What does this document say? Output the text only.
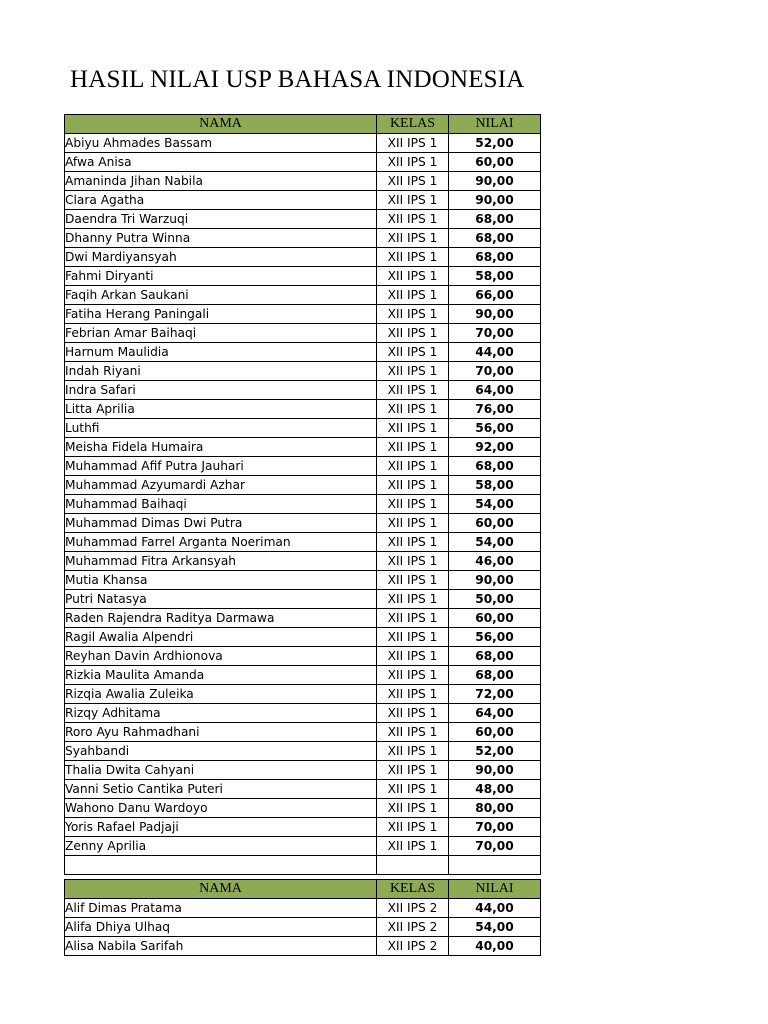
HASIL NILAI USP BAHASA INDONESIA
NAMA	KELAS	NILAI
Abiyu Ahmades Bassam	XII IPS 1	52,00
Afwa Anisa	XII IPS 1	60,00
Amaninda Jihan Nabila	XII IPS 1	90,00
Clara Agatha	XII IPS 1	90,00
Daendra Tri Warzuqi	XII IPS 1	68,00
Dhanny Putra Winna	XII IPS 1	68,00
Dwi Mardiyansyah	XII IPS 1	68,00
Fahmi Diryanti	XII IPS 1	58,00
Faqih Arkan Saukani	XII IPS 1	66,00
Fatiha Herang Paningali	XII IPS 1	90,00
Febrian Amar Baihaqi	XII IPS 1	70,00
Harnum Maulidia	XII IPS 1	44,00
Indah Riyani	XII IPS 1	70,00
Indra Safari	XII IPS 1	64,00
Litta Aprilia	XII IPS 1	76,00
Luthfi	XII IPS 1	56,00
Meisha Fidela Humaira	XII IPS 1	92,00
Muhammad Afif Putra Jauhari	XII IPS 1	68,00
Muhammad Azyumardi Azhar	XII IPS 1	58,00
Muhammad Baihaqi	XII IPS 1	54,00
Muhammad Dimas Dwi Putra	XII IPS 1	60,00
Muhammad Farrel Arganta Noeriman	XII IPS 1	54,00
Muhammad Fitra Arkansyah	XII IPS 1	46,00
Mutia Khansa	XII IPS 1	90,00
Putri Natasya	XII IPS 1	50,00
Raden Rajendra Raditya Darmawa	XII IPS 1	60,00
Ragil Awalia Alpendri	XII IPS 1	56,00
Reyhan Davin Ardhionova	XII IPS 1	68,00
Rizkia Maulita Amanda	XII IPS 1	68,00
Rizqia Awalia Zuleika	XII IPS 1	72,00
Rizqy Adhitama	XII IPS 1	64,00
Roro Ayu Rahmadhani	XII IPS 1	60,00
Syahbandi	XII IPS 1	52,00
Thalia Dwita Cahyani	XII IPS 1	90,00
Vanni Setio Cantika Puteri	XII IPS 1	48,00
Wahono Danu Wardoyo	XII IPS 1	80,00
Yoris Rafael Padjaji	XII IPS 1	70,00
Zenny Aprilia	XII IPS 1	70,00

NAMA	KELAS	NILAI
Alif Dimas Pratama	XII IPS 2	44,00
Alifa Dhiya Ulhaq	XII IPS 2	54,00
Alisa Nabila Sarifah	XII IPS 2	40,00
